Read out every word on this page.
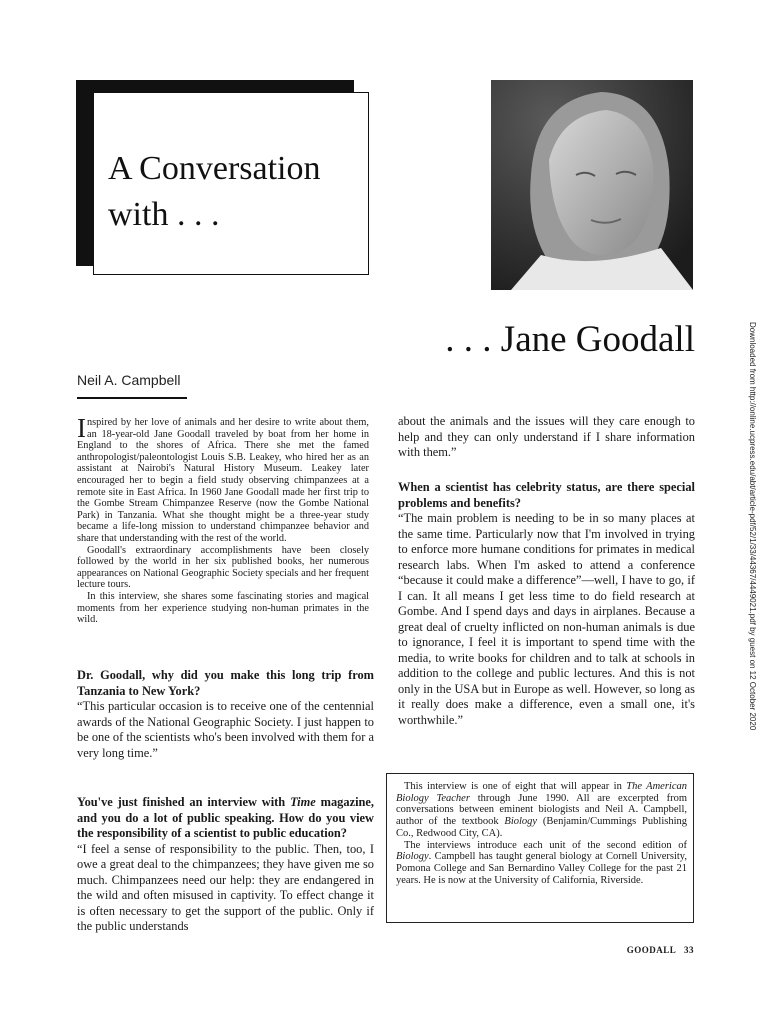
A Conversation
with . . .
. . . Jane Goodall
Neil A. Campbell

Inspired by her love of animals and her desire to write about them, an 18-year-old Jane Goodall traveled by boat from her home in England to the shores of Africa. There she met the famed anthropologist/paleontologist Louis S.B. Leakey, who hired her as an assistant at Nairobi's Natural History Museum. Leakey later encouraged her to begin a field study observing chimpanzees at a remote site in East Africa. In 1960 Jane Goodall made her first trip to the Gombe Stream Chimpanzee Reserve (now the Gombe National Park) in Tanzania. What she thought might be a three-year study became a life-long mission to understand chimpanzee behavior and share that understanding with the rest of the world.

Goodall's extraordinary accomplishments have been closely followed by the world in her six published books, her numerous appearances on National Geographic Society specials and her frequent lecture tours.

In this interview, she shares some fascinating stories and magical moments from her experience studying non-human primates in the wild.

Dr. Goodall, why did you make this long trip from Tanzania to New York?

“This particular occasion is to receive one of the centennial awards of the National Geographic Society. I just happen to be one of the scientists who's been involved with them for a very long time.”

You've just finished an interview with Time magazine, and you do a lot of public speaking. How do you view the responsibility of a scientist to public education?

“I feel a sense of responsibility to the public. Then, too, I owe a great deal to the chimpanzees; they have given me so much. Chimpanzees need our help: they are endangered in the wild and often misused in captivity. To effect change it is often necessary to get the support of the public. Only if the public understands

about the animals and the issues will they care enough to help and they can only understand if I share information with them.”

When a scientist has celebrity status, are there special problems and benefits?

“The main problem is needing to be in so many places at the same time. Particularly now that I'm involved in trying to enforce more humane conditions for primates in medical research labs. When I'm asked to attend a conference “because it could make a difference”—well, I have to go, if I can. It all means I get less time to do field research at Gombe. And I spend days and days in airplanes. Because a great deal of cruelty inflicted on non-human animals is due to ignorance, I feel it is important to spend time with the media, to write books for children and to talk at schools in addition to the college and public lectures. And this is not only in the USA but in Europe as well. However, so long as it really does make a difference, even a small one, it's worthwhile.”

This interview is one of eight that will appear in The American Biology Teacher through June 1990. All are excerpted from conversations between eminent biologists and Neil A. Campbell, author of the textbook Biology (Benjamin/Cummings Publishing Co., Redwood City, CA).

The interviews introduce each unit of the second edition of Biology. Campbell has taught general biology at Cornell University, Pomona College and San Bernardino Valley College for the past 21 years. He is now at the University of California, Riverside.

GOODALL   33
Downloaded from http://online.ucpress.edu/abt/article-pdf/52/1/33/44367/4449021.pdf by guest on 12 October 2020
